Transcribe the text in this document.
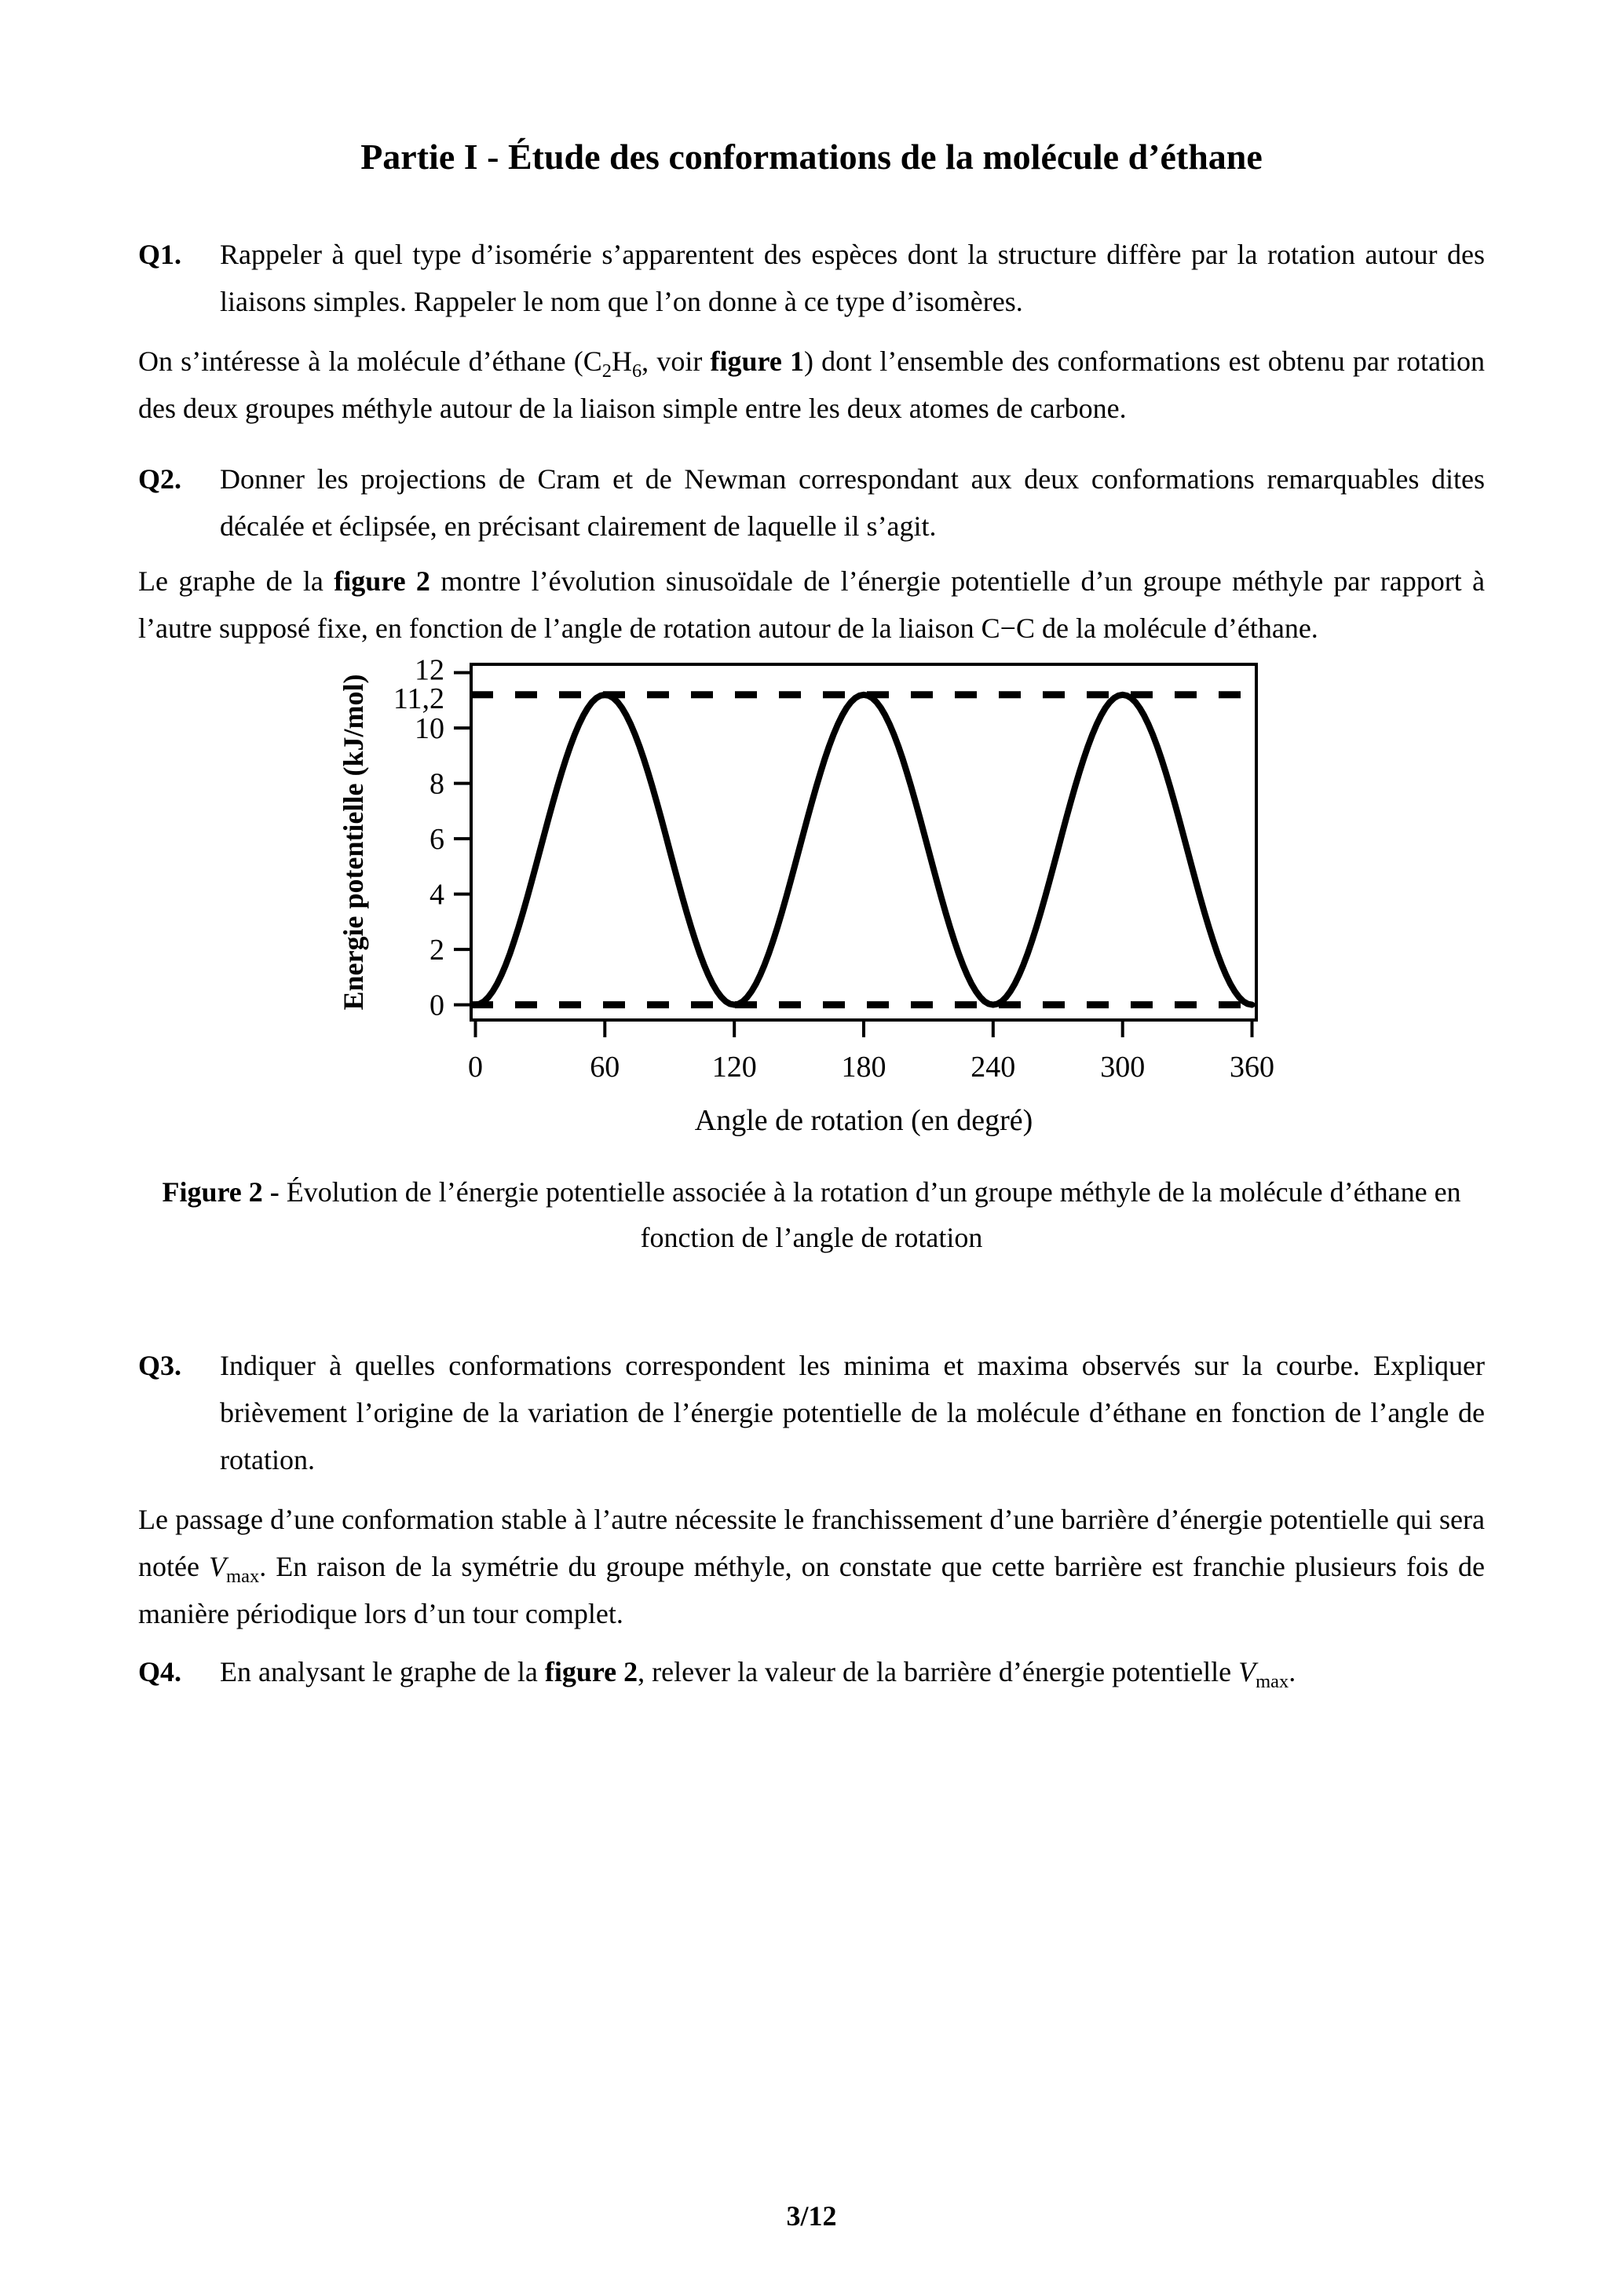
Partie I - Étude des conformations de la molécule d’éthane
Q1. Rappeler à quel type d’isomérie s’apparentent des espèces dont la structure diffère par la rotation autour des liaisons simples. Rappeler le nom que l’on donne à ce type d’isomères.
On s’intéresse à la molécule d’éthane ($C_2H_6$, voir figure 1) dont l’ensemble des conformations est obtenu par rotation des deux groupes méthyle autour de la liaison simple entre les deux atomes de carbone.
Q2. Donner les projections de Cram et de Newman correspondant aux deux conformations remarquables dites décalée et éclipsée, en précisant clairement de laquelle il s’agit.
Le graphe de la figure 2 montre l’évolution sinusoïdale de l’énergie potentielle d’un groupe méthyle par rapport à l’autre supposé fixe, en fonction de l’angle de rotation autour de la liaison C−C de la molécule d’éthane.
0
2
4
6
8
10
12
11,2
0	60	120	180	240	300	360
Angle de rotation (en degré)
Energie potentielle (kJ/mol)
Figure 2 - Évolution de l’énergie potentielle associée à la rotation d’un groupe méthyle de la molécule d’éthane en fonction de l’angle de rotation
Q3. Indiquer à quelles conformations correspondent les minima et maxima observés sur la courbe. Expliquer brièvement l’origine de la variation de l’énergie potentielle de la molécule d’éthane en fonction de l’angle de rotation.
Le passage d’une conformation stable à l’autre nécessite le franchissement d’une barrière d’énergie potentielle qui sera notée $V_{max}$. En raison de la symétrie du groupe méthyle, on constate que cette barrière est franchie plusieurs fois de manière périodique lors d’un tour complet.
Q4. En analysant le graphe de la figure 2, relever la valeur de la barrière d’énergie potentielle $V_{max}$.
3/12
